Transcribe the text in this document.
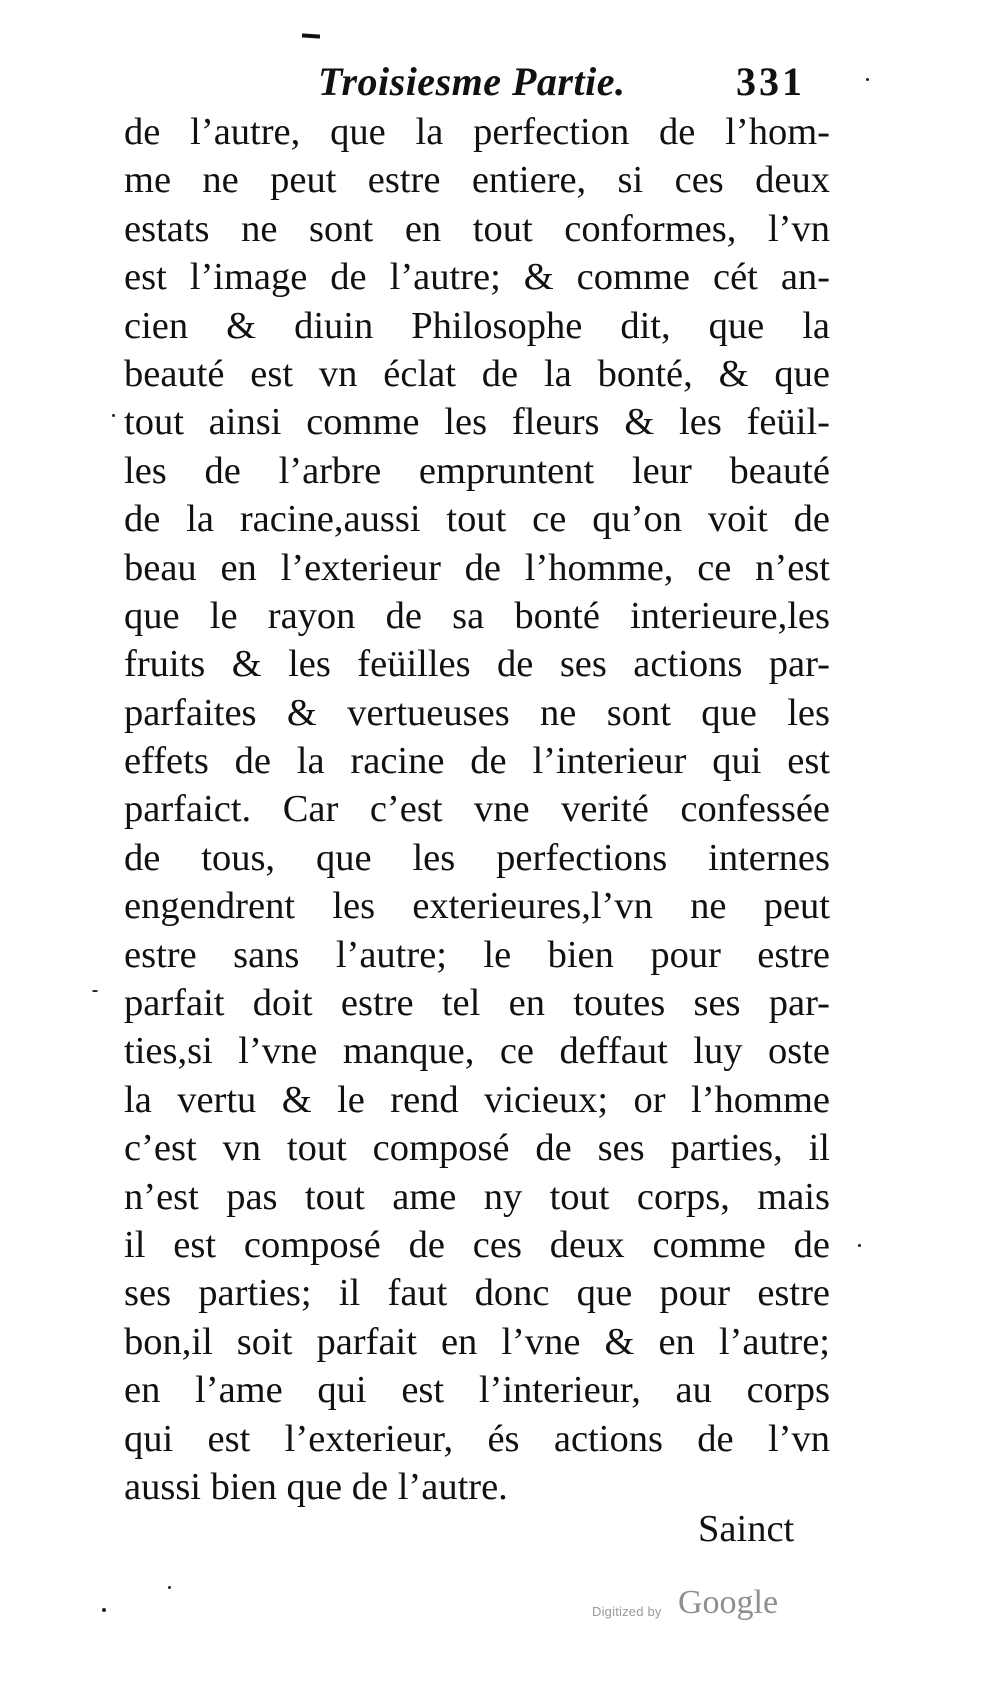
Troisiesme Partie.	331
de l’autre, que la perfection de l’hom-
me ne peut estre entiere, si ces deux
estats ne sont en tout conformes, l’vn
est l’image de l’autre; & comme cét an-
cien & diuin Philosophe dit, que la
beauté est vn éclat de la bonté, & que
tout ainsi comme les fleurs & les feüil-
les de l’arbre empruntent leur beauté
de la racine,aussi tout ce qu’on voit de
beau en l’exterieur de l’homme, ce n’est
que le rayon de sa bonté interieure,les
fruits & les feüilles de ses actions par-
parfaites & vertueuses ne sont que les
effets de la racine de l’interieur qui est
parfaict. Car c’est vne verité confessée
de tous, que les perfections internes
engendrent les exterieures,l’vn ne peut
estre sans l’autre; le bien pour estre
parfait doit estre tel en toutes ses par-
ties,si l’vne manque, ce deffaut luy oste
la vertu & le rend vicieux; or l’homme
c’est vn tout composé de ses parties, il
n’est pas tout ame ny tout corps, mais
il est composé de ces deux comme de
ses parties; il faut donc que pour estre
bon,il soit parfait en l’vne & en l’autre;
en l’ame qui est l’interieur, au corps
qui est l’exterieur, és actions de l’vn
aussi bien que de l’autre.
Sainct
Digitized by Google
